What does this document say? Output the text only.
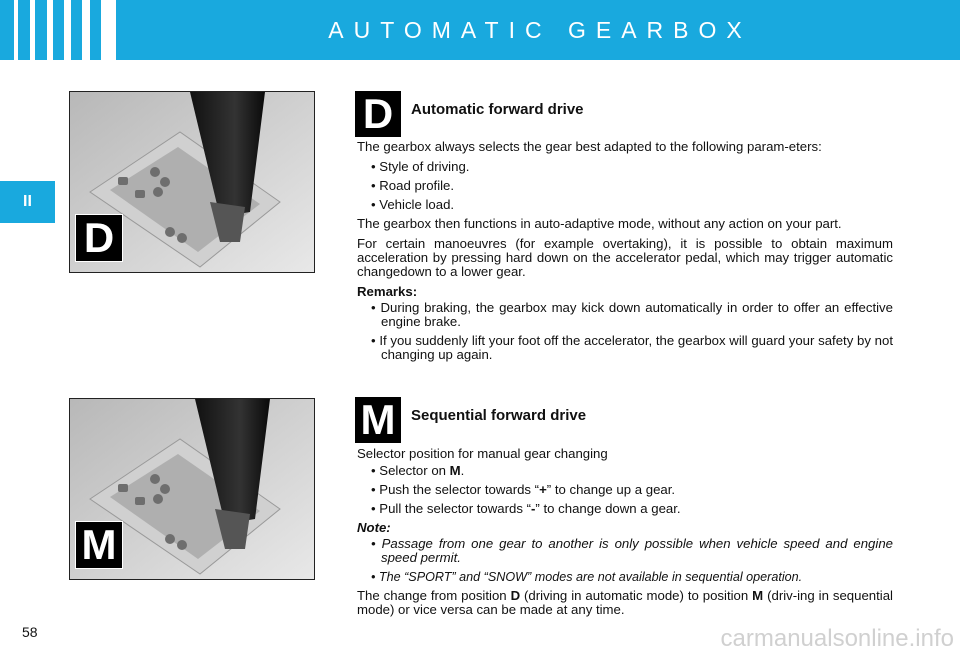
AUTOMATIC GEARBOX
II
D
M
D	Automatic forward drive

The gearbox always selects the gear best adapted to the following param-eters:

• Style of driving.
• Road profile.
• Vehicle load.

The gearbox then functions in auto-adaptive mode, without any action on your part.

For certain manoeuvres (for example overtaking), it is possible to obtain maximum acceleration by pressing hard down on the accelerator pedal, which may trigger automatic changedown to a lower gear.

Remarks:
• During braking, the gearbox may kick down automatically in order to offer an effective engine brake.
• If you suddenly lift your foot off the accelerator, the gearbox will guard your safety by not changing up again.
M	Sequential forward drive

Selector position for manual gear changing

• Selector on M.
• Push the selector towards “+” to change up a gear.
• Pull the selector towards “-” to change down a gear.
Note:
• Passage from one gear to another is only possible when vehicle speed and engine speed permit.
• The “SPORT” and “SNOW” modes are not available in sequential operation.

The change from position D (driving in automatic mode) to position M (driv-ing in sequential mode) or vice versa can be made at any time.

58	carmanualsonline.info
